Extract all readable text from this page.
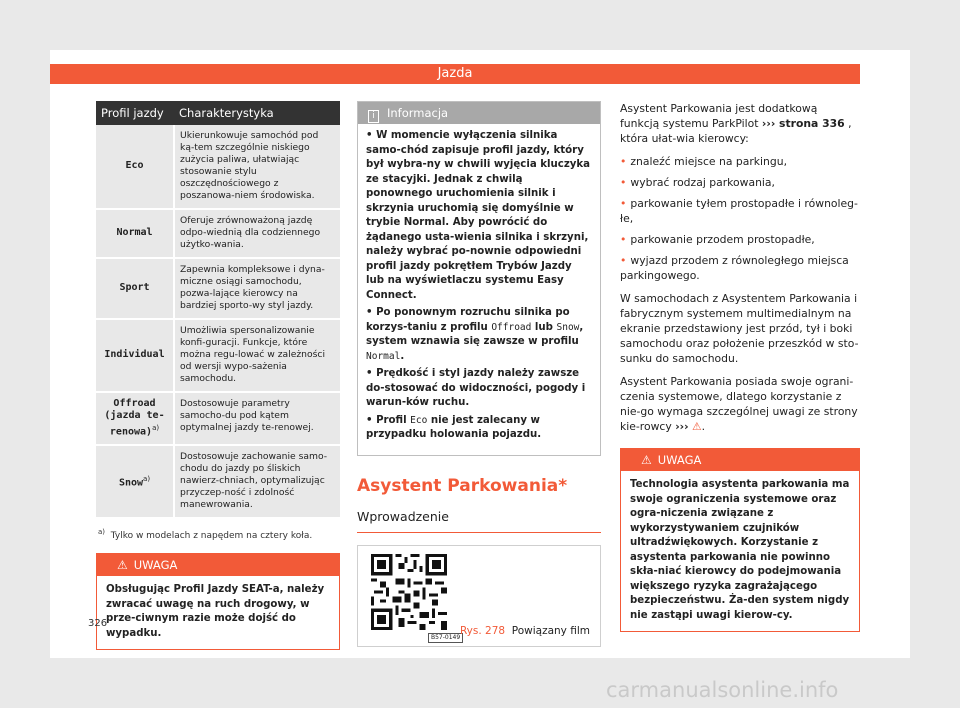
Jazda
Profil jazdy	Charakterystyka
Eco	Ukierunkowuje samochód pod ką-tem szczególnie niskiego zużycia paliwa, ułatwiając stosowanie stylu oszczędnościowego z poszanowa-niem środowiska.
Normal	Oferuje zrównoważoną jazdę odpo-wiednią dla codziennego użytko-wania.
Sport	Zapewnia kompleksowe i dyna-miczne osiągi samochodu, pozwa-lające kierowcy na bardziej sporto-wy styl jazdy.
Individual	Umożliwia spersonalizowanie konfi-guracji. Funkcje, które można regu-lować w zależności od wersji wypo-sażenia samochodu.
Offroad (jazda te-renowa)$^{a)}$	Dostosowuje parametry samocho-du pod kątem optymalnej jazdy te-renowej.
Snow$^{a)}$	Dostosowuje zachowanie samo-chodu do jazdy po śliskich nawierz-chniach, optymalizując przyczep-ność i zdolność manewrowania.
$^{a)}$ Tylko w modelach z napędem na cztery koła.
⚠ UWAGA
Obsługując Profil Jazdy SEAT-a, należy zwracać uwagę na ruch drogowy, w prze-ciwnym razie może dojść do wypadku.
i Informacja

• W momencie wyłączenia silnika samo-chód zapisuje profil jazdy, który był wybra-ny w chwili wyjęcia kluczyka ze stacyjki. Jednak z chwilą ponownego uruchomienia silnik i skrzynia uruchomią się domyślnie w trybie Normal. Aby powrócić do żądanego usta-wienia silnika i skrzyni, należy wybrać po-nownie odpowiedni profil jazdy pokrętłem Trybów Jazdy lub na wyświetlaczu systemu Easy Connect.

• Po ponownym rozruchu silnika po korzys-taniu z profilu Offroad lub Snow, system wznawia się zawsze w profilu Normal.

• Prędkość i styl jazdy należy zawsze do-stosować do widoczności, pogody i warun-ków ruchu.

• Profil Eco nie jest zalecany w przypadku holowania pojazdu.

Asystent Parkowania*
Wprowadzenie
B57-0149
Rys. 278 Powiązany film

Asystent Parkowania jest dodatkową funkcją systemu ParkPilot ››› strona 336 , która ułat-wia kierowcy:

• znaleźć miejsce na parkingu,
• wybrać rodzaj parkowania,
• parkowanie tyłem prostopadłe i równoleg-łe,
• parkowanie przodem prostopadłe,
• wyjazd przodem z równoległego miejsca parkingowego.

W samochodach z Asystentem Parkowania i fabrycznym systemem multimedialnym na ekranie przedstawiony jest przód, tył i boki samochodu oraz położenie przeszkód w sto-sunku do samochodu.

Asystent Parkowania posiada swoje ograni-czenia systemowe, dlatego korzystanie z nie-go wymaga szczególnej uwagi ze strony kie-rowcy ››› ⚠.

⚠ UWAGA
Technologia asystenta parkowania ma swoje ograniczenia systemowe oraz ogra-niczenia związane z wykorzystywaniem czujników ultradźwiękowych. Korzystanie z asystenta parkowania nie powinno skła-niać kierowcy do podejmowania większego ryzyka zagrażającego bezpieczeństwu. Ża-den system nigdy nie zastąpi uwagi kierow-cy.
326
carmanualsonline.info
